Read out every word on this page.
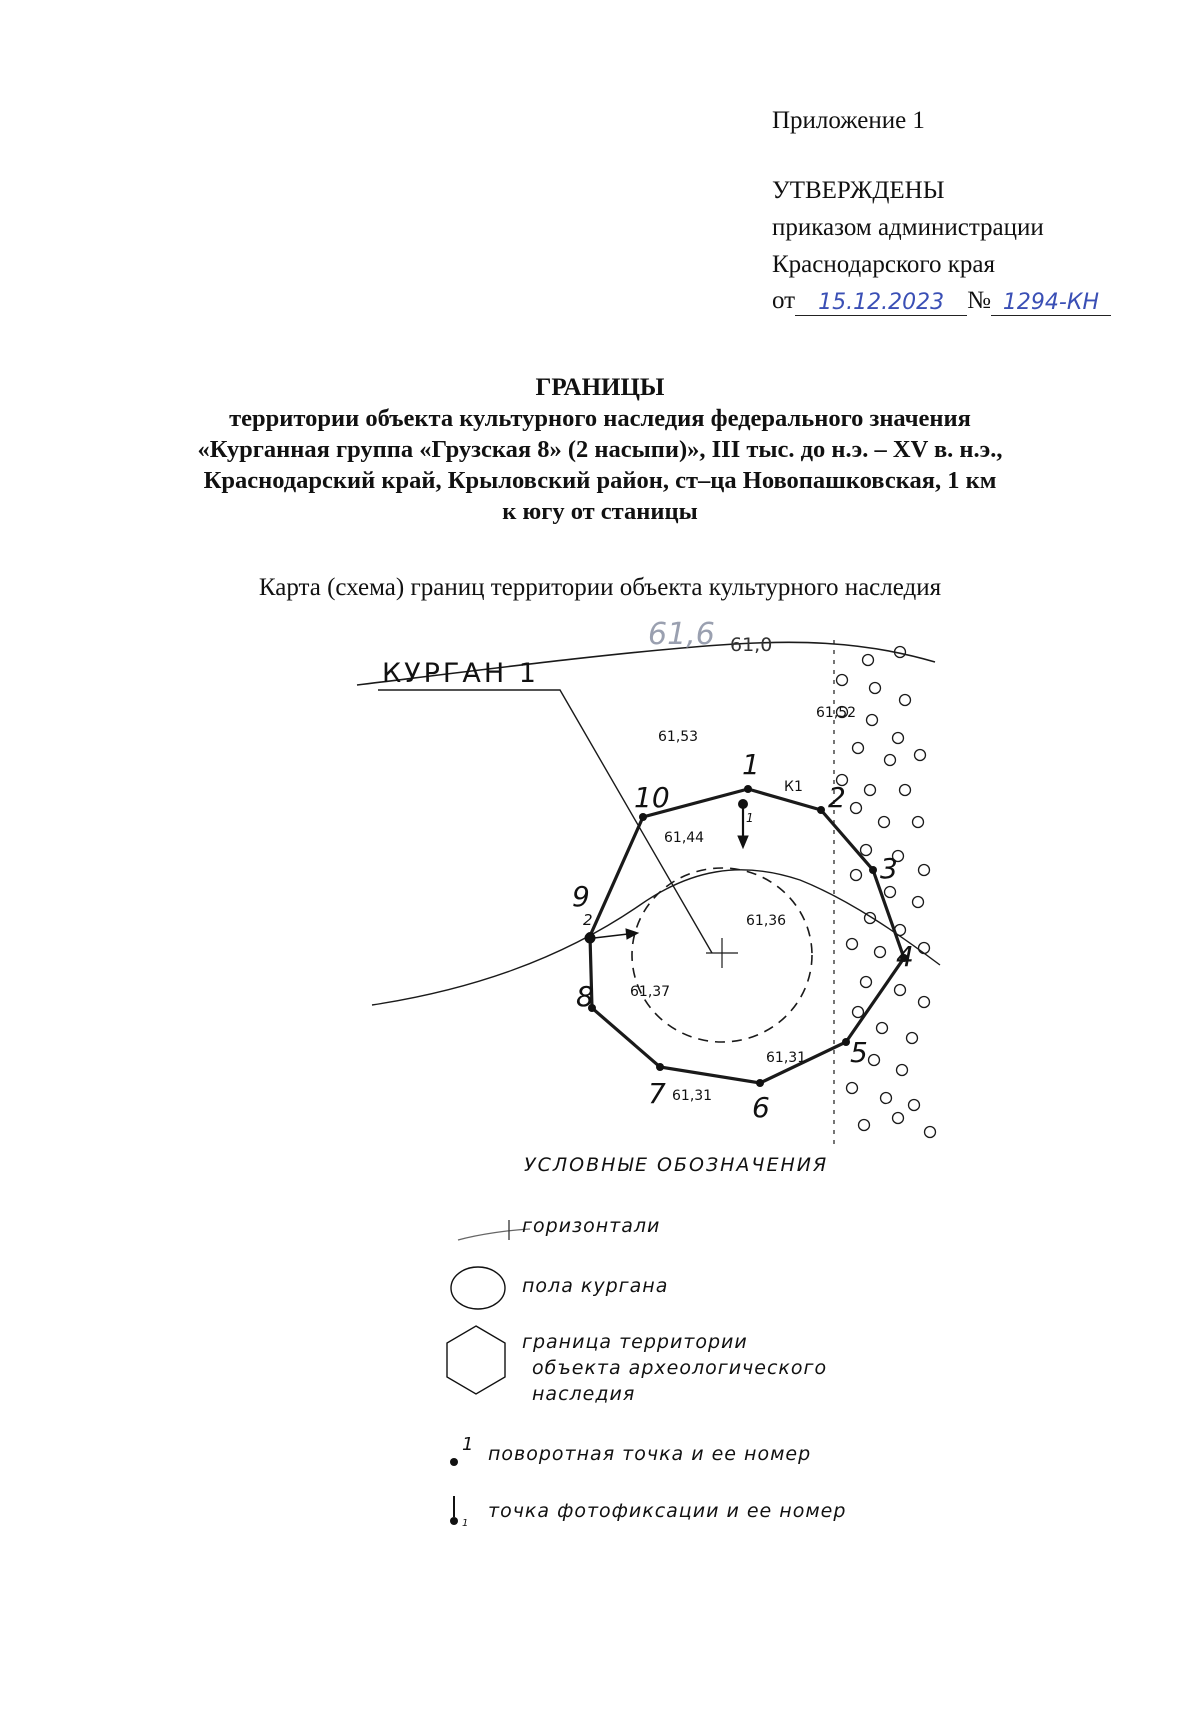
Приложение 1
УТВЕРЖДЕНЫ
приказом администрации
Краснодарского края
от	15.12.2023 № 1294-КН
ГРАНИЦЫ
территории объекта культурного наследия федерального значения
«Курганная группа «Грузская 8» (2 насыпи)», III тыс. до н.э. – XV в. н.э.,
Краснодарский край, Крыловский район, ст–ца Новопашковская, 1 км
к югу от станицы
Карта (схема) границ территории объекта культурного наследия
КУРГАН 1
61,6 61,0
61,53
61,52
61,44
61,36
61,37
61,31
61,31
К1
1
2
1
2
3
4
5
6
7
8
9
10
УСЛОВНЫЕ ОБОЗНАЧЕНИЯ
горизонтали
пола кургана
граница территории
объекта археологического
наследия
1 поворотная точка и ее номер
1
точка фотофиксации и ее номер
